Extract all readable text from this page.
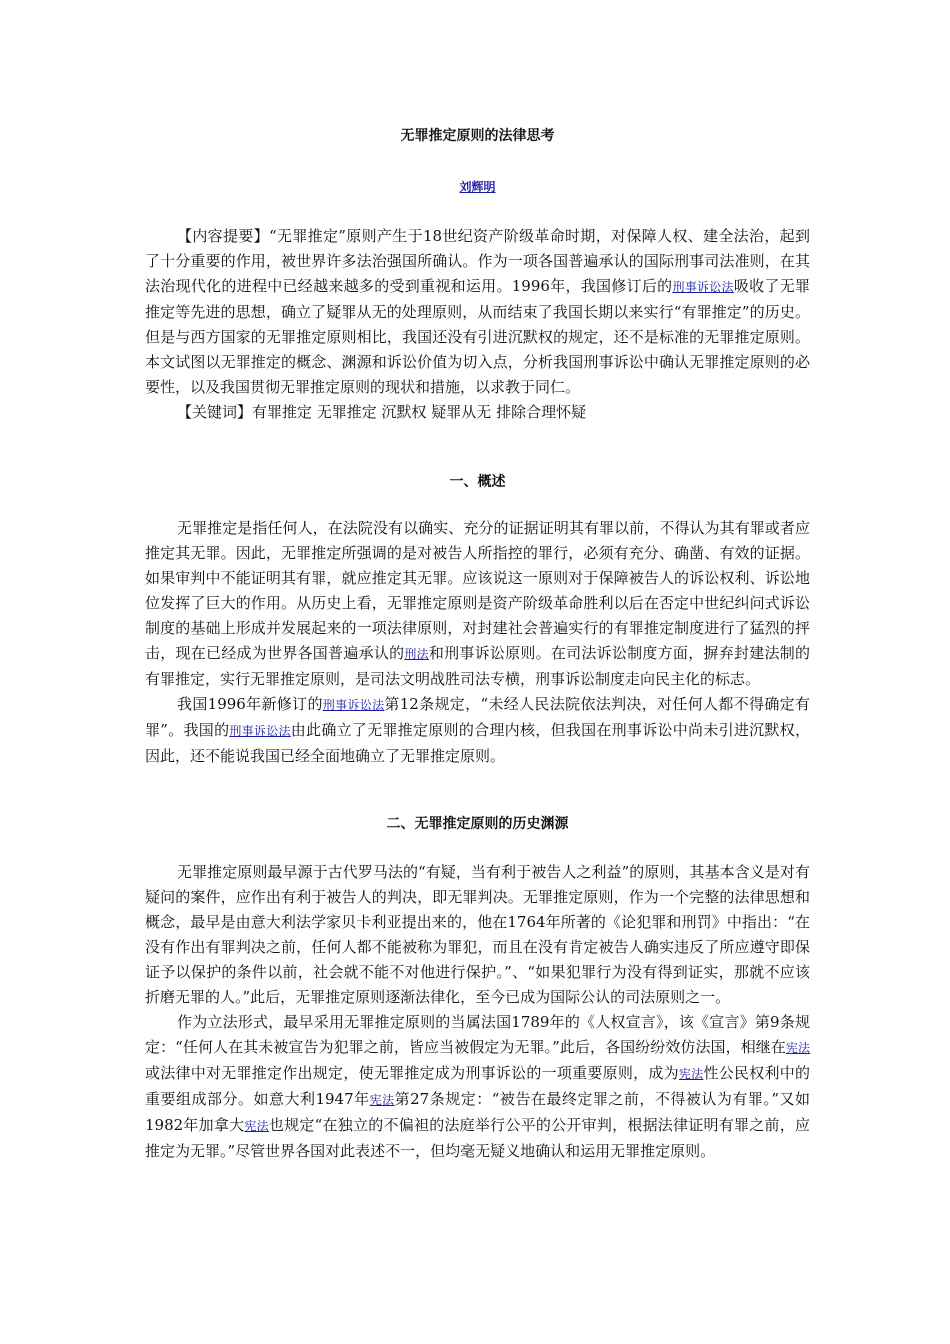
无罪推定原则的法律思考
刘辉明

【内容提要】“无罪推定”原则产生于18世纪资产阶级革命时期，对保障人权、建全法治，起到了十分重要的作用，被世界许多法治强国所确认。作为一项各国普遍承认的国际刑事司法准则，在其法治现代化的进程中已经越来越多的受到重视和运用。1996年，我国修订后的刑事诉讼法吸收了无罪推定等先进的思想，确立了疑罪从无的处理原则，从而结束了我国长期以来实行“有罪推定”的历史。但是与西方国家的无罪推定原则相比，我国还没有引进沉默权的规定，还不是标准的无罪推定原则。本文试图以无罪推定的概念、渊源和诉讼价值为切入点，分析我国刑事诉讼中确认无罪推定原则的必要性，以及我国贯彻无罪推定原则的现状和措施，以求教于同仁。

【关键词】有罪推定 无罪推定 沉默权 疑罪从无 排除合理怀疑

一、概述

无罪推定是指任何人，在法院没有以确实、充分的证据证明其有罪以前，不得认为其有罪或者应推定其无罪。因此，无罪推定所强调的是对被告人所指控的罪行，必须有充分、确凿、有效的证据。如果审判中不能证明其有罪，就应推定其无罪。应该说这一原则对于保障被告人的诉讼权利、诉讼地位发挥了巨大的作用。从历史上看，无罪推定原则是资产阶级革命胜利以后在否定中世纪纠问式诉讼制度的基础上形成并发展起来的一项法律原则，对封建社会普遍实行的有罪推定制度进行了猛烈的抨击，现在已经成为世界各国普遍承认的刑法和刑事诉讼原则。在司法诉讼制度方面，摒弃封建法制的有罪推定，实行无罪推定原则，是司法文明战胜司法专横，刑事诉讼制度走向民主化的标志。

我国1996年新修订的刑事诉讼法第12条规定，“未经人民法院依法判决，对任何人都不得确定有罪”。我国的刑事诉讼法由此确立了无罪推定原则的合理内核，但我国在刑事诉讼中尚未引进沉默权，因此，还不能说我国已经全面地确立了无罪推定原则。

二、无罪推定原则的历史渊源

无罪推定原则最早源于古代罗马法的“有疑，当有利于被告人之利益”的原则，其基本含义是对有疑问的案件，应作出有利于被告人的判决，即无罪判决。无罪推定原则，作为一个完整的法律思想和概念，最早是由意大利法学家贝卡利亚提出来的，他在1764年所著的《论犯罪和刑罚》中指出：“在没有作出有罪判决之前，任何人都不能被称为罪犯，而且在没有肯定被告人确实违反了所应遵守即保证予以保护的条件以前，社会就不能不对他进行保护。”、“如果犯罪行为没有得到证实，那就不应该折磨无罪的人。”此后，无罪推定原则逐渐法律化，至今已成为国际公认的司法原则之一。

作为立法形式，最早采用无罪推定原则的当属法国1789年的《人权宣言》，该《宣言》第9条规定：“任何人在其未被宣告为犯罪之前，皆应当被假定为无罪。”此后，各国纷纷效仿法国，相继在宪法或法律中对无罪推定作出规定，使无罪推定成为刑事诉讼的一项重要原则，成为宪法性公民权利中的重要组成部分。如意大利1947年宪法第27条规定：“被告在最终定罪之前，不得被认为有罪。”又如1982年加拿大宪法也规定“在独立的不偏袒的法庭举行公平的公开审判，根据法律证明有罪之前，应推定为无罪。”尽管世界各国对此表述不一，但均毫无疑义地确认和运用无罪推定原则。
